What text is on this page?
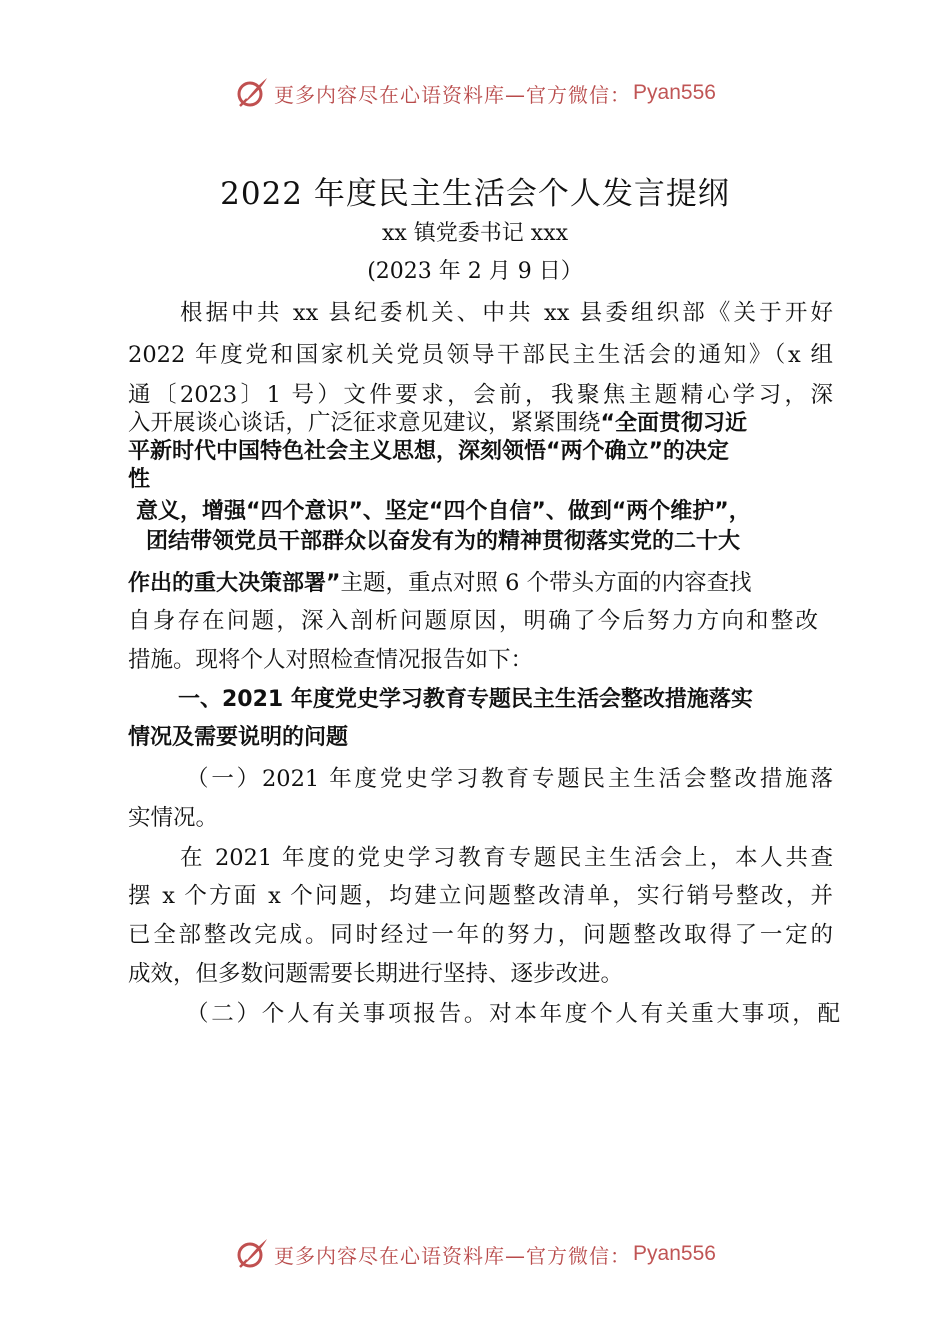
更多内容尽在心语资料库—官方微信： Pyan556
2022 年度民主生活会个人发言提纲
xx 镇党委书记 xxx
(2023 年 2 月 9 日）
根据中共 xx 县纪委机关、中共 xx 县委组织部《关于开好
2022 年度党和国家机关党员领导干部民主生活会的通知》（x 组
通〔2023〕1 号）文件要求，会前，我聚焦主题精心学习，深
入开展谈心谈话，广泛征求意见建议，紧紧围绕“全面贯彻习近
平新时代中国特色社会主义思想，深刻领悟“两个确立”的决定
性
意义，增强“四个意识”、坚定“四个自信”、做到“两个维护”，
团结带领党员干部群众以奋发有为的精神贯彻落实党的二十大
作出的重大决策部署”主题，重点对照 6 个带头方面的内容查找
自身存在问题，深入剖析问题原因，明确了今后努力方向和整改
措施。现将个人对照检查情况报告如下：
一、2021 年度党史学习教育专题民主生活会整改措施落实
情况及需要说明的问题
（一）2021 年度党史学习教育专题民主生活会整改措施落
实情况。
在 2021 年度的党史学习教育专题民主生活会上，本人共查
摆 x 个方面 x 个问题，均建立问题整改清单，实行销号整改，并
已全部整改完成。同时经过一年的努力，问题整改取得了一定的
成效，但多数问题需要长期进行坚持、逐步改进。
（二）个人有关事项报告。对本年度个人有关重大事项，配
更多内容尽在心语资料库—官方微信： Pyan556
